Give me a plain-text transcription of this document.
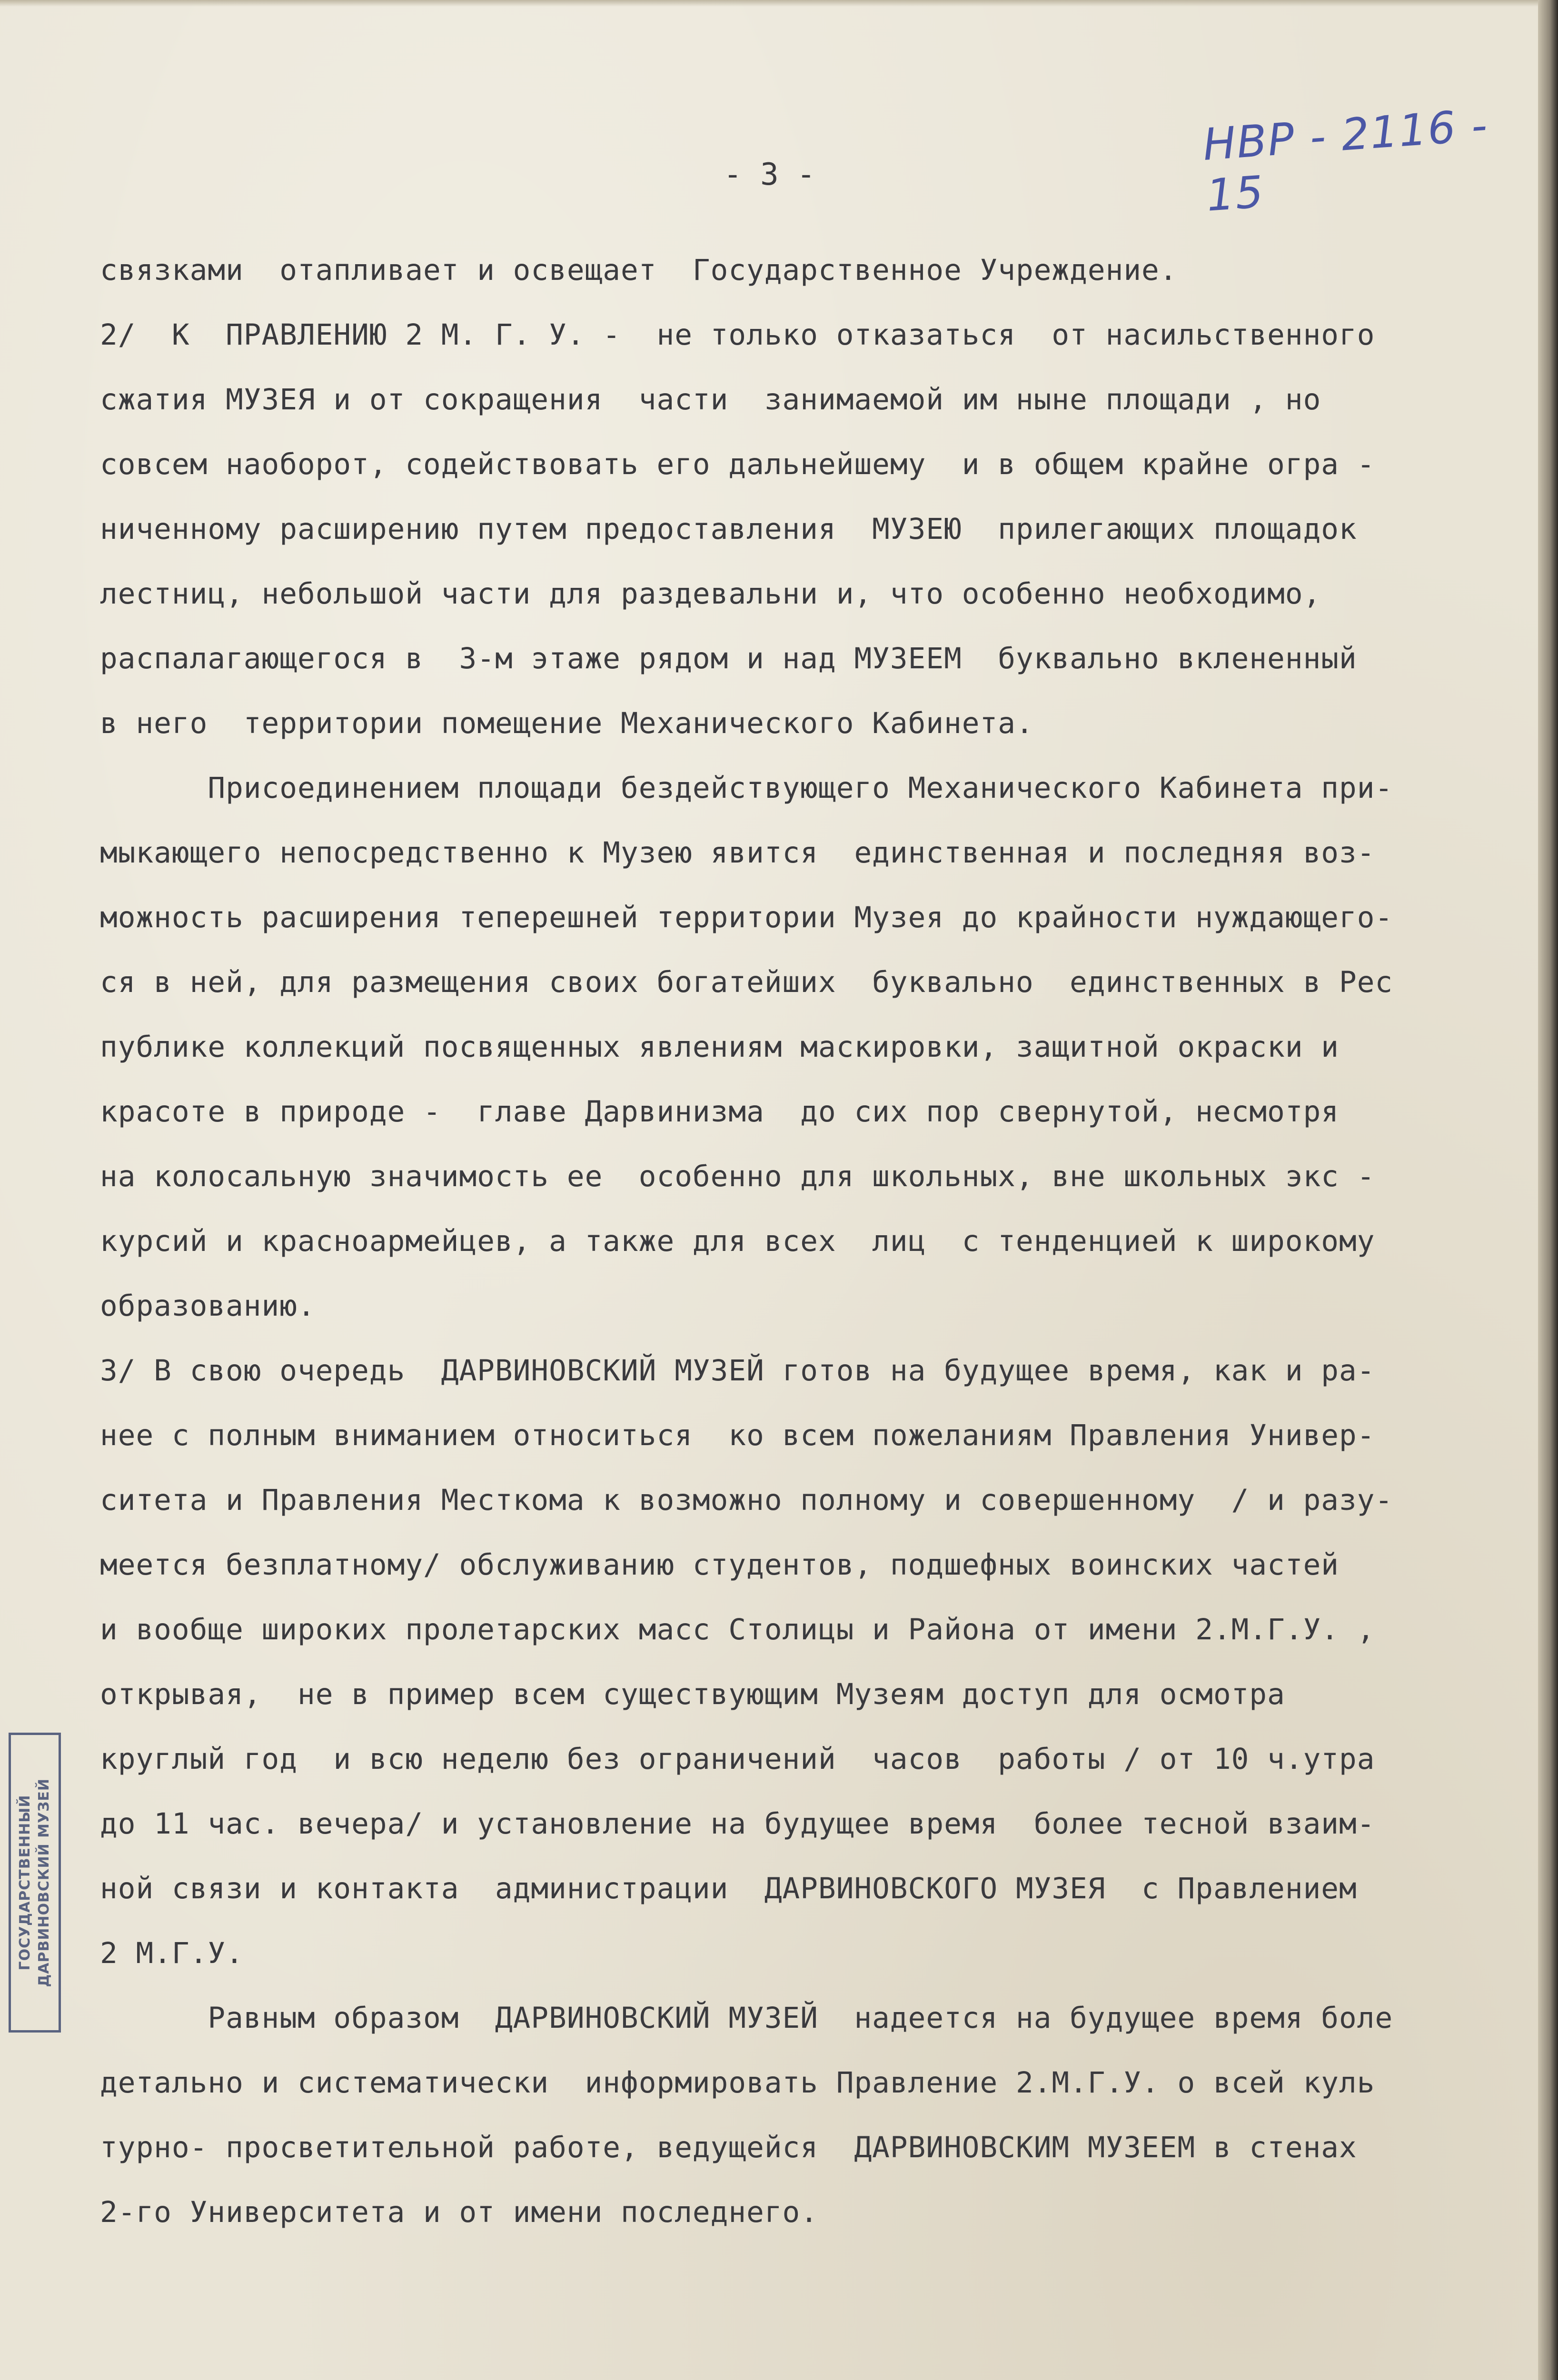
НВР - 2116 - 15
- 3 -
связками  отапливает и освещает  Государственное Учреждение.
2/  К  ПРАВЛЕНИЮ 2 М. Г. У. -  не только отказаться  от насильственного
сжатия МУЗЕЯ и от сокращения  части  занимаемой им ныне площади , но
совсем наоборот, содействовать его дальнейшему  и в общем крайне огра -
ниченному расширению путем предоставления  МУЗЕЮ  прилегающих площадок
лестниц, небольшой части для раздевальни и, что особенно необходимо,
распалагающегося в  3-м этаже рядом и над МУЗЕЕМ  буквально вклененный
в него  территории помещение Механического Кабинета.
Присоединением площади бездействующего Механического Кабинета при-
мыкающего непосредственно к Музею явится  единственная и последняя воз-
можность расширения теперешней территории Музея до крайности нуждающего-
ся в ней, для размещения своих богатейших  буквально  единственных в Рес
публике коллекций посвященных явлениям маскировки, защитной окраски и
красоте в природе -  главе Дарвинизма  до сих пор свернутой, несмотря
на колосальную значимость ее  особенно для школьных, вне школьных экс -
курсий и красноармейцев, а также для всех  лиц  с тенденцией к широкому
образованию.
3/ В свою очередь  ДАРВИНОВСКИЙ МУЗЕЙ готов на будущее время, как и ра-
нее с полным вниманием относиться  ко всем пожеланиям Правления Универ-
ситета и Правления Месткома к возможно полному и совершенному  / и разу-
меется безплатному/ обслуживанию студентов, подшефных воинских частей
и вообще широких пролетарских масс Столицы и Района от имени 2.М.Г.У. ,
открывая,  не в пример всем существующим Музеям доступ для осмотра
круглый год  и всю неделю без ограничений  часов  работы / от 10 ч.утра
до 11 час. вечера/ и установление на будущее время  более тесной взаим-
ной связи и контакта  администрации  ДАРВИНОВСКОГО МУЗЕЯ  с Правлением
2 М.Г.У.
Равным образом  ДАРВИНОВСКИЙ МУЗЕЙ  надеется на будущее время боле
детально и систематически  информировать Правление 2.М.Г.У. о всей куль
турно- просветительной работе, ведущейся  ДАРВИНОВСКИМ МУЗЕЕМ в стенах
2-го Университета и от имени последнего.
ГОСУДАРСТВЕННЫЙ ДАРВИНОВСКИЙ МУЗЕЙ
